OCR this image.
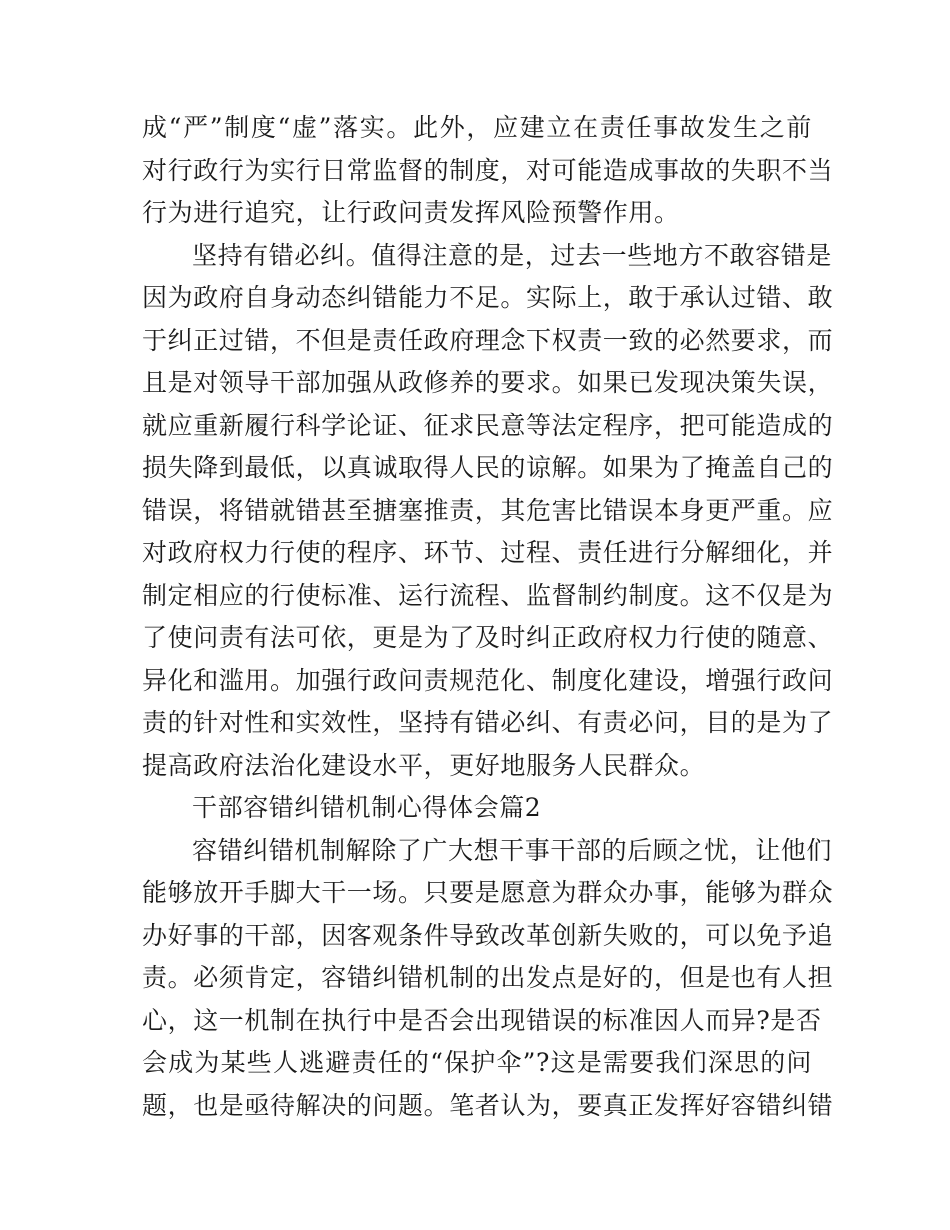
成“严”制度“虚”落实。此外，应建立在责任事故发生之前
对行政行为实行日常监督的制度，对可能造成事故的失职不当
行为进行追究，让行政问责发挥风险预警作用。
坚持有错必纠。值得注意的是，过去一些地方不敢容错是
因为政府自身动态纠错能力不足。实际上，敢于承认过错、敢
于纠正过错，不但是责任政府理念下权责一致的必然要求，而
且是对领导干部加强从政修养的要求。如果已发现决策失误，
就应重新履行科学论证、征求民意等法定程序，把可能造成的
损失降到最低，以真诚取得人民的谅解。如果为了掩盖自己的
错误，将错就错甚至搪塞推责，其危害比错误本身更严重。应
对政府权力行使的程序、环节、过程、责任进行分解细化，并
制定相应的行使标准、运行流程、监督制约制度。这不仅是为
了使问责有法可依，更是为了及时纠正政府权力行使的随意、
异化和滥用。加强行政问责规范化、制度化建设，增强行政问
责的针对性和实效性，坚持有错必纠、有责必问，目的是为了
提高政府法治化建设水平，更好地服务人民群众。
干部容错纠错机制心得体会篇2
容错纠错机制解除了广大想干事干部的后顾之忧，让他们
能够放开手脚大干一场。只要是愿意为群众办事，能够为群众
办好事的干部，因客观条件导致改革创新失败的，可以免予追
责。必须肯定，容错纠错机制的出发点是好的，但是也有人担
心，这一机制在执行中是否会出现错误的标准因人而异?是否
会成为某些人逃避责任的“保护伞”?这是需要我们深思的问
题，也是亟待解决的问题。笔者认为，要真正发挥好容错纠错
